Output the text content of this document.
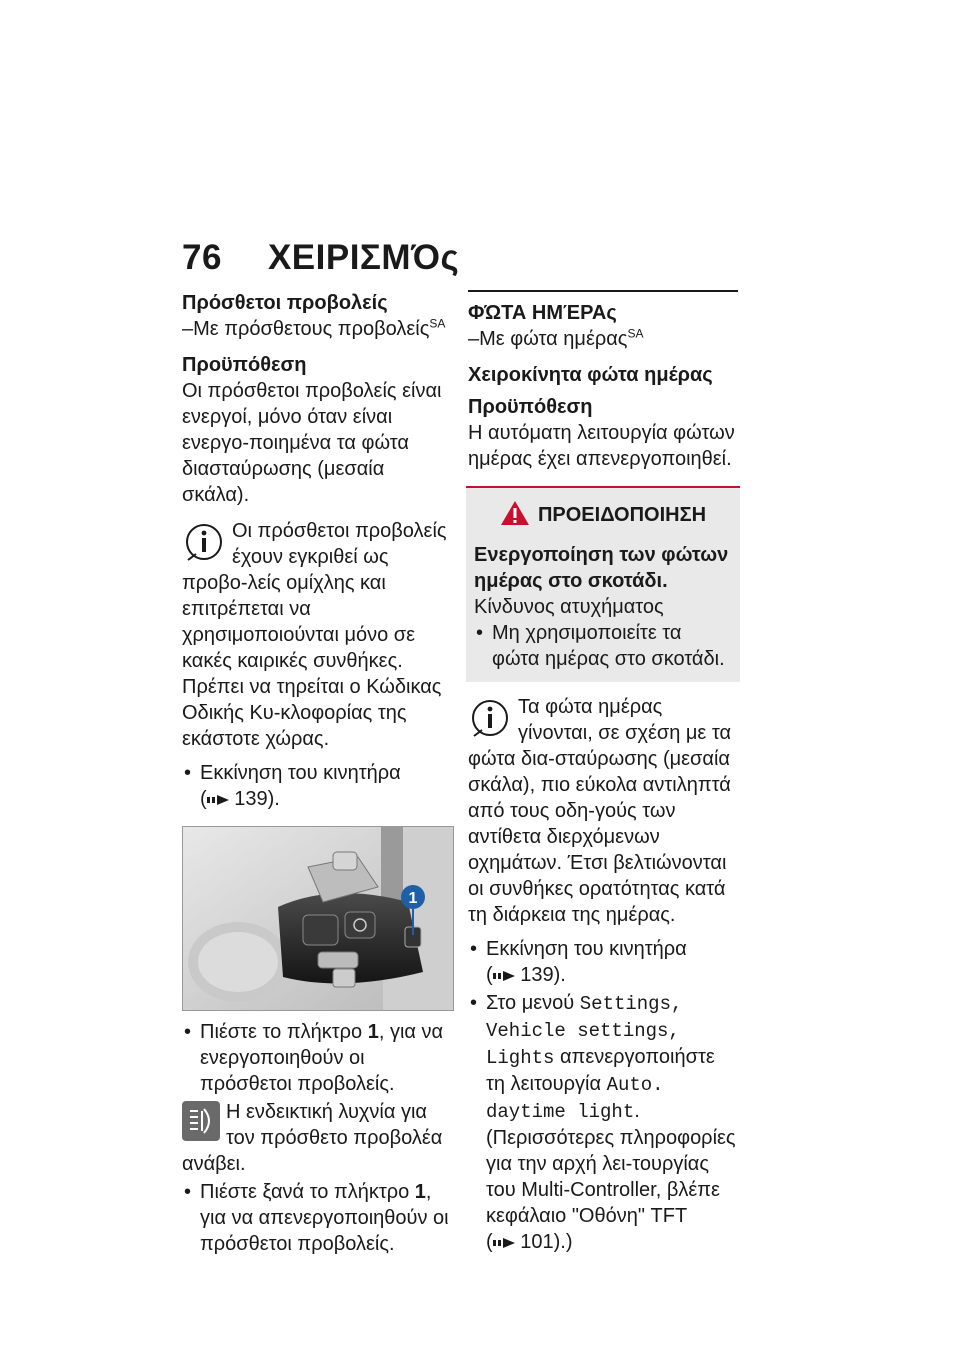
76 ΧΕΙΡΙΣΜΌς
Πρόσθετοι προβολείς
–Με πρόσθετους προβολείς$^{SA}$
Προϋπόθεση
Οι πρόσθετοι προβολείς είναι ενεργοί, μόνο όταν είναι ενεργο-ποιημένα τα φώτα διασταύρωσης (μεσαία σκάλα).
Οι πρόσθετοι προβολείς έχουν εγκριθεί ως προβο-λείς ομίχλης και επιτρέπεται να χρησιμοποιούνται μόνο σε κακές καιρικές συνθήκες. Πρέπει να τηρείται ο Κώδικας Οδικής Κυ-κλοφορίας της εκάστοτε χώρας.
• Εκκίνηση του κινητήρα
( 139).
1
• Πιέστε το πλήκτρο 1, για να ενεργοποιηθούν οι πρόσθετοι προβολείς.
Η ενδεικτική λυχνία για τον πρόσθετο προβολέα ανάβει.
• Πιέστε ξανά το πλήκτρο 1, για να απενεργοποιηθούν οι πρόσθετοι προβολείς.
ΦΏΤΑ ΗΜΈΡΑς
–Με φώτα ημέρας$^{SA}$
Χειροκίνητα φώτα ημέρας
Προϋπόθεση
Η αυτόματη λειτουργία φώτων ημέρας έχει απενεργοποιηθεί.
ΠΡΟΕΙΔΟΠΟΙΗΣΗ
Ενεργοποίηση των φώτων ημέρας στο σκοτάδι.
Κίνδυνος ατυχήματος
• Μη χρησιμοποιείτε τα φώτα ημέρας στο σκοτάδι.
Τα φώτα ημέρας γίνονται, σε σχέση με τα φώτα δια-σταύρωσης (μεσαία σκάλα), πιο εύκολα αντιληπτά από τους οδη-γούς των αντίθετα διερχόμενων οχημάτων. Έτσι βελτιώνονται οι συνθήκες ορατότητας κατά τη διάρκεια της ημέρας.
• Εκκίνηση του κινητήρα
( 139).
• Στο μενού Settings, Vehicle settings, Lights απενεργοποιήστε τη λειτουργία Auto. daytime light. (Περισσότερες πληροφορίες για την αρχή λει-τουργίας του Multi-Controller, βλέπε κεφάλαιο "Οθόνη" TFT
( 101).)
